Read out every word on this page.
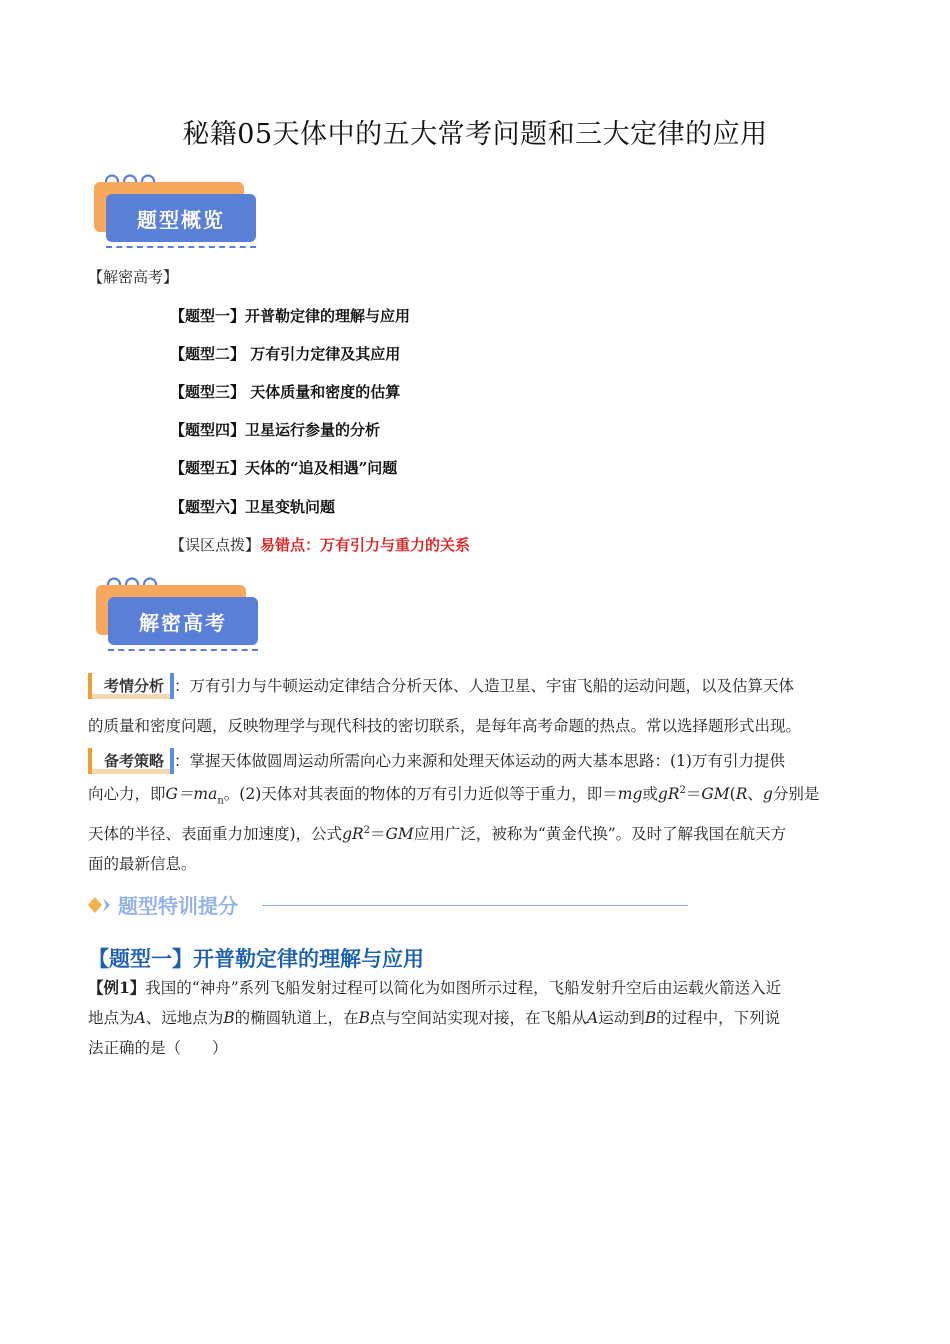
秘籍05天体中的五大常考问题和三大定律的应用
题型概览
【解密高考】
【题型一】开普勒定律的理解与应用
【题型二】 万有引力定律及其应用
【题型三】 天体质量和密度的估算
【题型四】卫星运行参量的分析
【题型五】天体的“追及相遇”问题
【题型六】卫星变轨问题
【误区点拨】易错点：万有引力与重力的关系
解密高考
考情分析 ：万有引力与牛顿运动定律结合分析天体、人造卫星、宇宙飞船的运动问题，以及估算天体
的质量和密度问题，反映物理学与现代科技的密切联系，是每年高考命题的热点。常以选择题形式出现。
备考策略 ：掌握天体做圆周运动所需向心力来源和处理天体运动的两大基本思路：(1)万有引力提供
向心力，即$G=ma_n$。(2)天体对其表面的物体的万有引力近似等于重力，即＝mg或$gR^2=GM(R$、g分别是
天体的半径、表面重力加速度)，公式$gR^2=GM$应用广泛，被称为“黄金代换”。及时了解我国在航天方
面的最新信息。
题型特训提分
【题型一】开普勒定律的理解与应用
【例1】我国的“神舟”系列飞船发射过程可以简化为如图所示过程，飞船发射升空后由运载火箭送入近
地点为A、远地点为B的椭圆轨道上，在B点与空间站实现对接，在飞船从A运动到B的过程中，下列说
法正确的是（　　）
